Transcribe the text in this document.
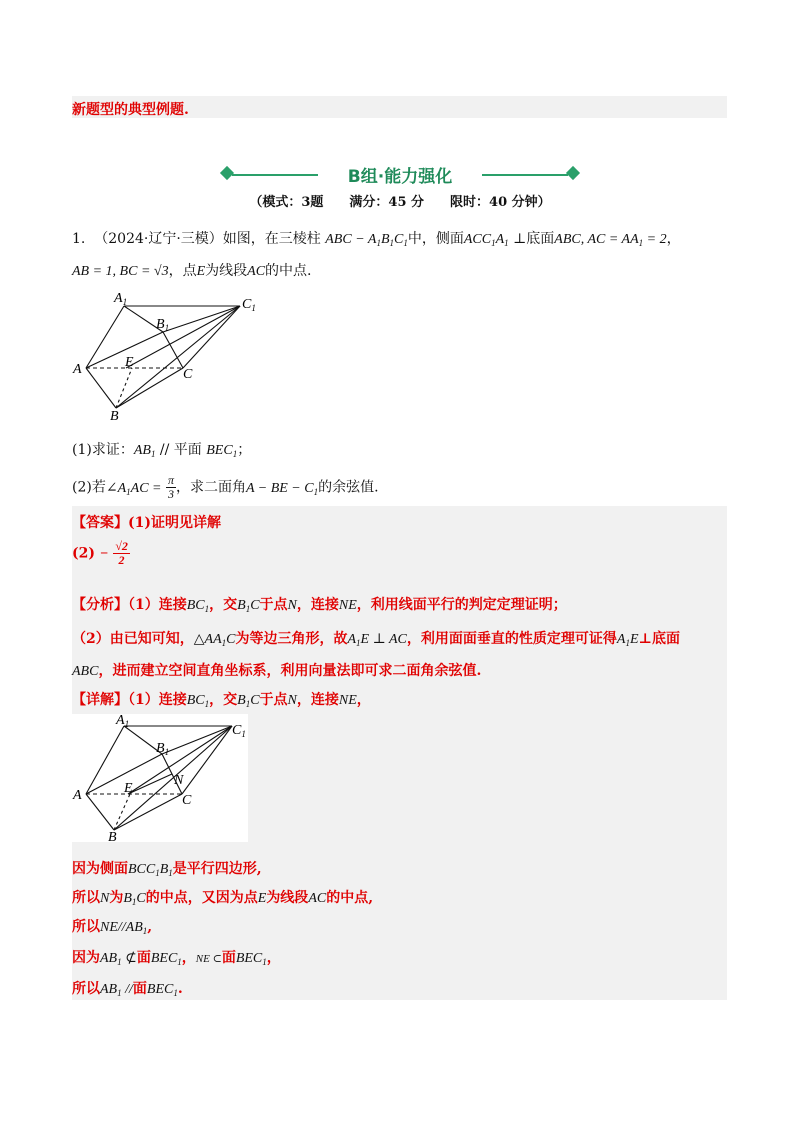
新题型的典型例题.
B组·能力强化
（模式：3题　　满分：45 分　　限时：40 分钟）
1. （2024·辽宁·三模）如图，在三棱柱 ABC − $A_1B_1C_1$中，侧面$ACC_1A_1$ ⊥底面ABC, AC = $AA_1 = 2$，
AB = 1, BC = √3，点E为线段AC的中点.
$A_1$	$C_1$
$B_1$
A	C
E
B
(1)求证：$AB_1$ // 平面 $BEC_1$；
(2)若$\angle A_1AC = \frac{\pi}{3}$ ，求二面角A − BE − $C_1$的余弦值.
【答案】(1)证明见详解
$(2) - \frac{√2}{2}$
【分析】（1）连接$BC_1$，交$B_1C$于点N，连接NE，利用线面平行的判定定理证明；
（2）由已知可知，$\triangle AA_1C$为等边三角形，故$A_1E$ ⊥ AC，利用面面垂直的性质定理可证得$A_1E\perp$底面
ABC，进而建立空间直角坐标系，利用向量法即可求二面角余弦值.
【详解】（1）连接$BC_1$，交$B_1C$于点N，连接NE，
$A_1$	$C_1$
$B_1$
N
A	C
E
B
因为侧面$BCC_1B_1$是平行四边形,
所以N为$B_1C$的中点，又因为点E为线段AC的中点,
所以$NE//AB_1$,
因为$AB_1$ ⊄面$BEC_1$，NE ⊂面$BEC_1$，
所以$AB_1$ //面$BEC_1$.
